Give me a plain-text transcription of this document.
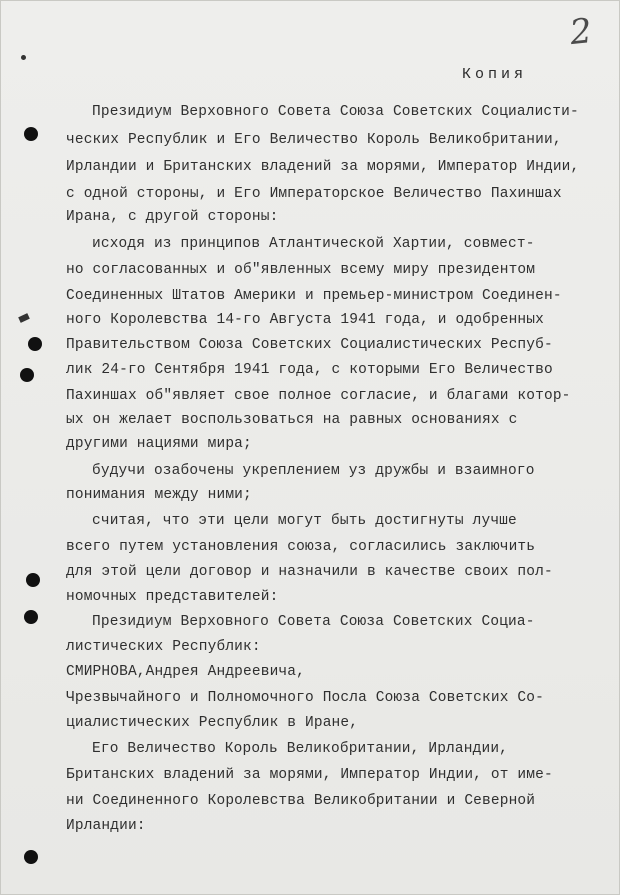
2
Копия
Президиум Верховного Совета Союза Советских Социалисти-
ческих Республик и Его Величество Король Великобритании,
Ирландии и Британских владений за морями, Император Индии,
с одной стороны, и Его Императорское Величество Пахиншах
Ирана, с другой стороны:
исходя из принципов Атлантической Хартии, совмест-
но согласованных и об"явленных всему миру президентом
Соединенных Штатов Америки и премьер-министром Соединен-
ного Королевства 14-го Августа 1941 года, и одобренных
Правительством Союза Советских Социалистических Респуб-
лик 24-го Сентября 1941 года, с которыми Его Величество
Пахиншах об"являет свое полное согласие, и благами котор-
ых он желает воспользоваться на равных основаниях с
другими нациями мира;
будучи озабочены укреплением уз дружбы и взаимного
понимания между ними;
считая, что эти цели могут быть достигнуты лучше
всего путем установления союза, согласились заключить
для этой цели договор и назначили в качестве своих пол-
номочных представителей:
Президиум Верховного Совета Союза Советских Социа-
листических Республик:
СМИРНОВА,Андрея Андреевича,
Чрезвычайного и Полномочного Посла Союза Советских Со-
циалистических Республик в Иране,
Его Величество Король Великобритании, Ирландии,
Британских владений за морями, Император Индии, от име-
ни Соединенного Королевства Великобритании и Северной
Ирландии:
